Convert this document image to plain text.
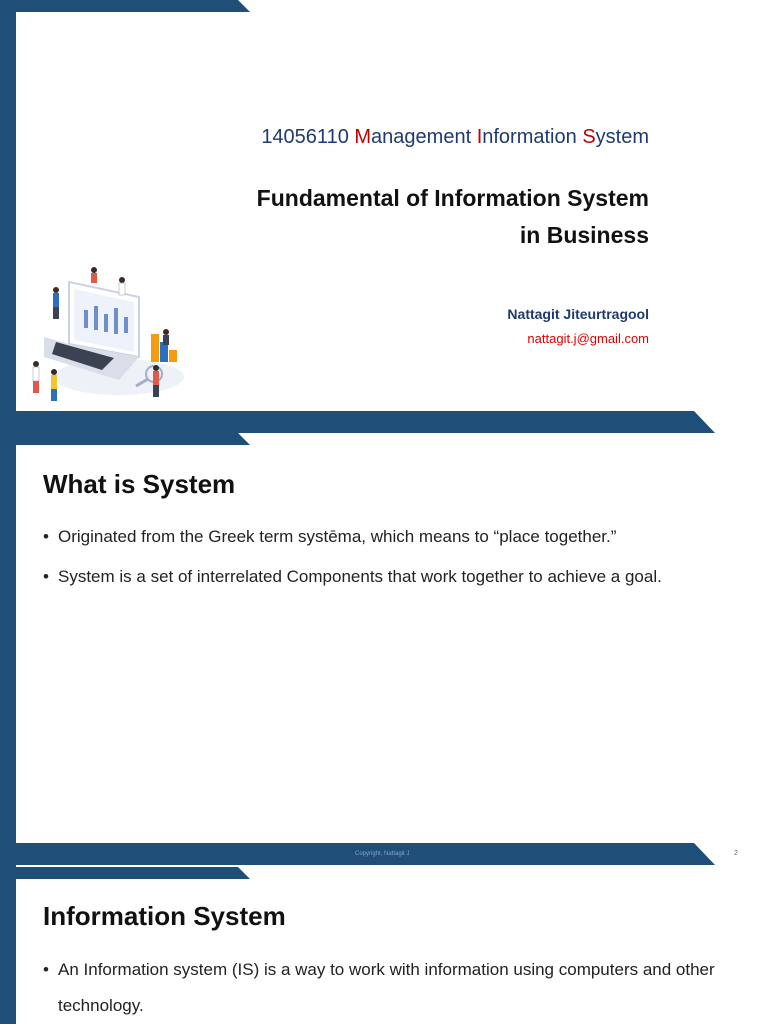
14056110 Management Information System
Fundamental of Information System
in Business
Nattagit Jiteurtragool
nattagit.j@gmail.com
What is System
• Originated from the Greek term systēma, which means to “place together.”
• System is a set of interrelated Components that work together to achieve a goal.
Copyright, Nattagit J	2
Information System
• An Information system (IS) is a way to work with information using computers and other technology.
